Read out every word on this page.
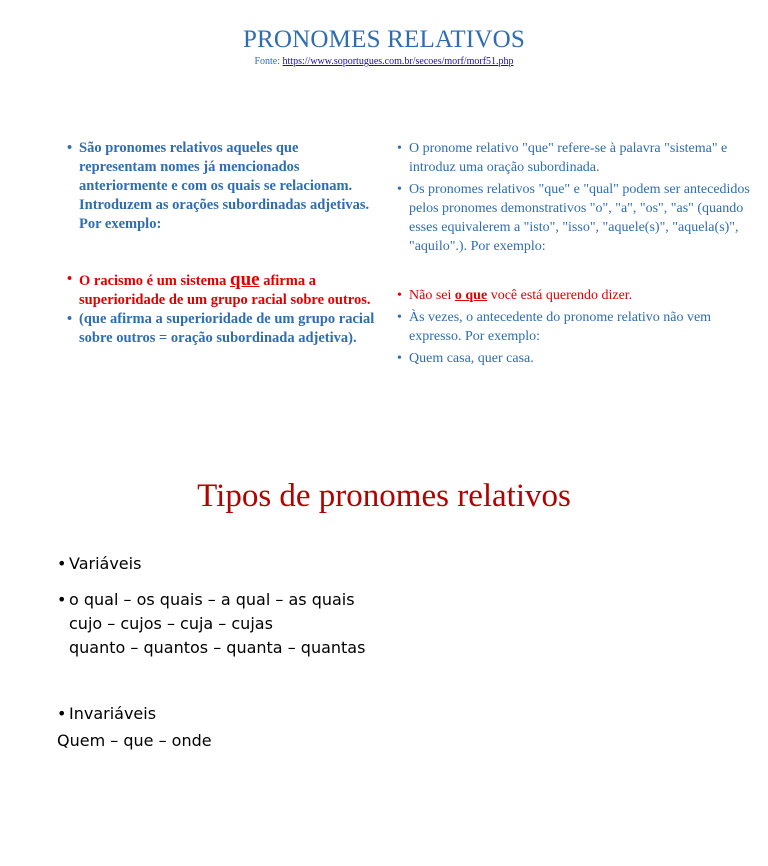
PRONOMES RELATIVOS
Fonte: https://www.soportugues.com.br/secoes/morf/morf51.php
• São pronomes relativos aqueles que representam nomes já mencionados anteriormente e com os quais se relacionam. Introduzem as orações subordinadas adjetivas. Por exemplo:
• O racismo é um sistema que afirma a superioridade de um grupo racial sobre outros.
• (que afirma a superioridade de um grupo racial sobre outros = oração subordinada adjetiva).
• O pronome relativo "que" refere-se à palavra "sistema" e introduz uma oração subordinada.
• Os pronomes relativos "que" e "qual" podem ser antecedidos pelos pronomes demonstrativos "o", "a", "os", "as" (quando esses equivalerem a "isto", "isso", "aquele(s)", "aquela(s)", "aquilo".). Por exemplo:
• Não sei o que você está querendo dizer.
• Às vezes, o antecedente do pronome relativo não vem expresso. Por exemplo:
• Quem casa, quer casa.
Tipos de pronomes relativos
• Variáveis
• o qual – os quais – a qual – as quais
cujo – cujos – cuja – cujas
quanto – quantos – quanta – quantas
• Invariáveis
Quem – que – onde
